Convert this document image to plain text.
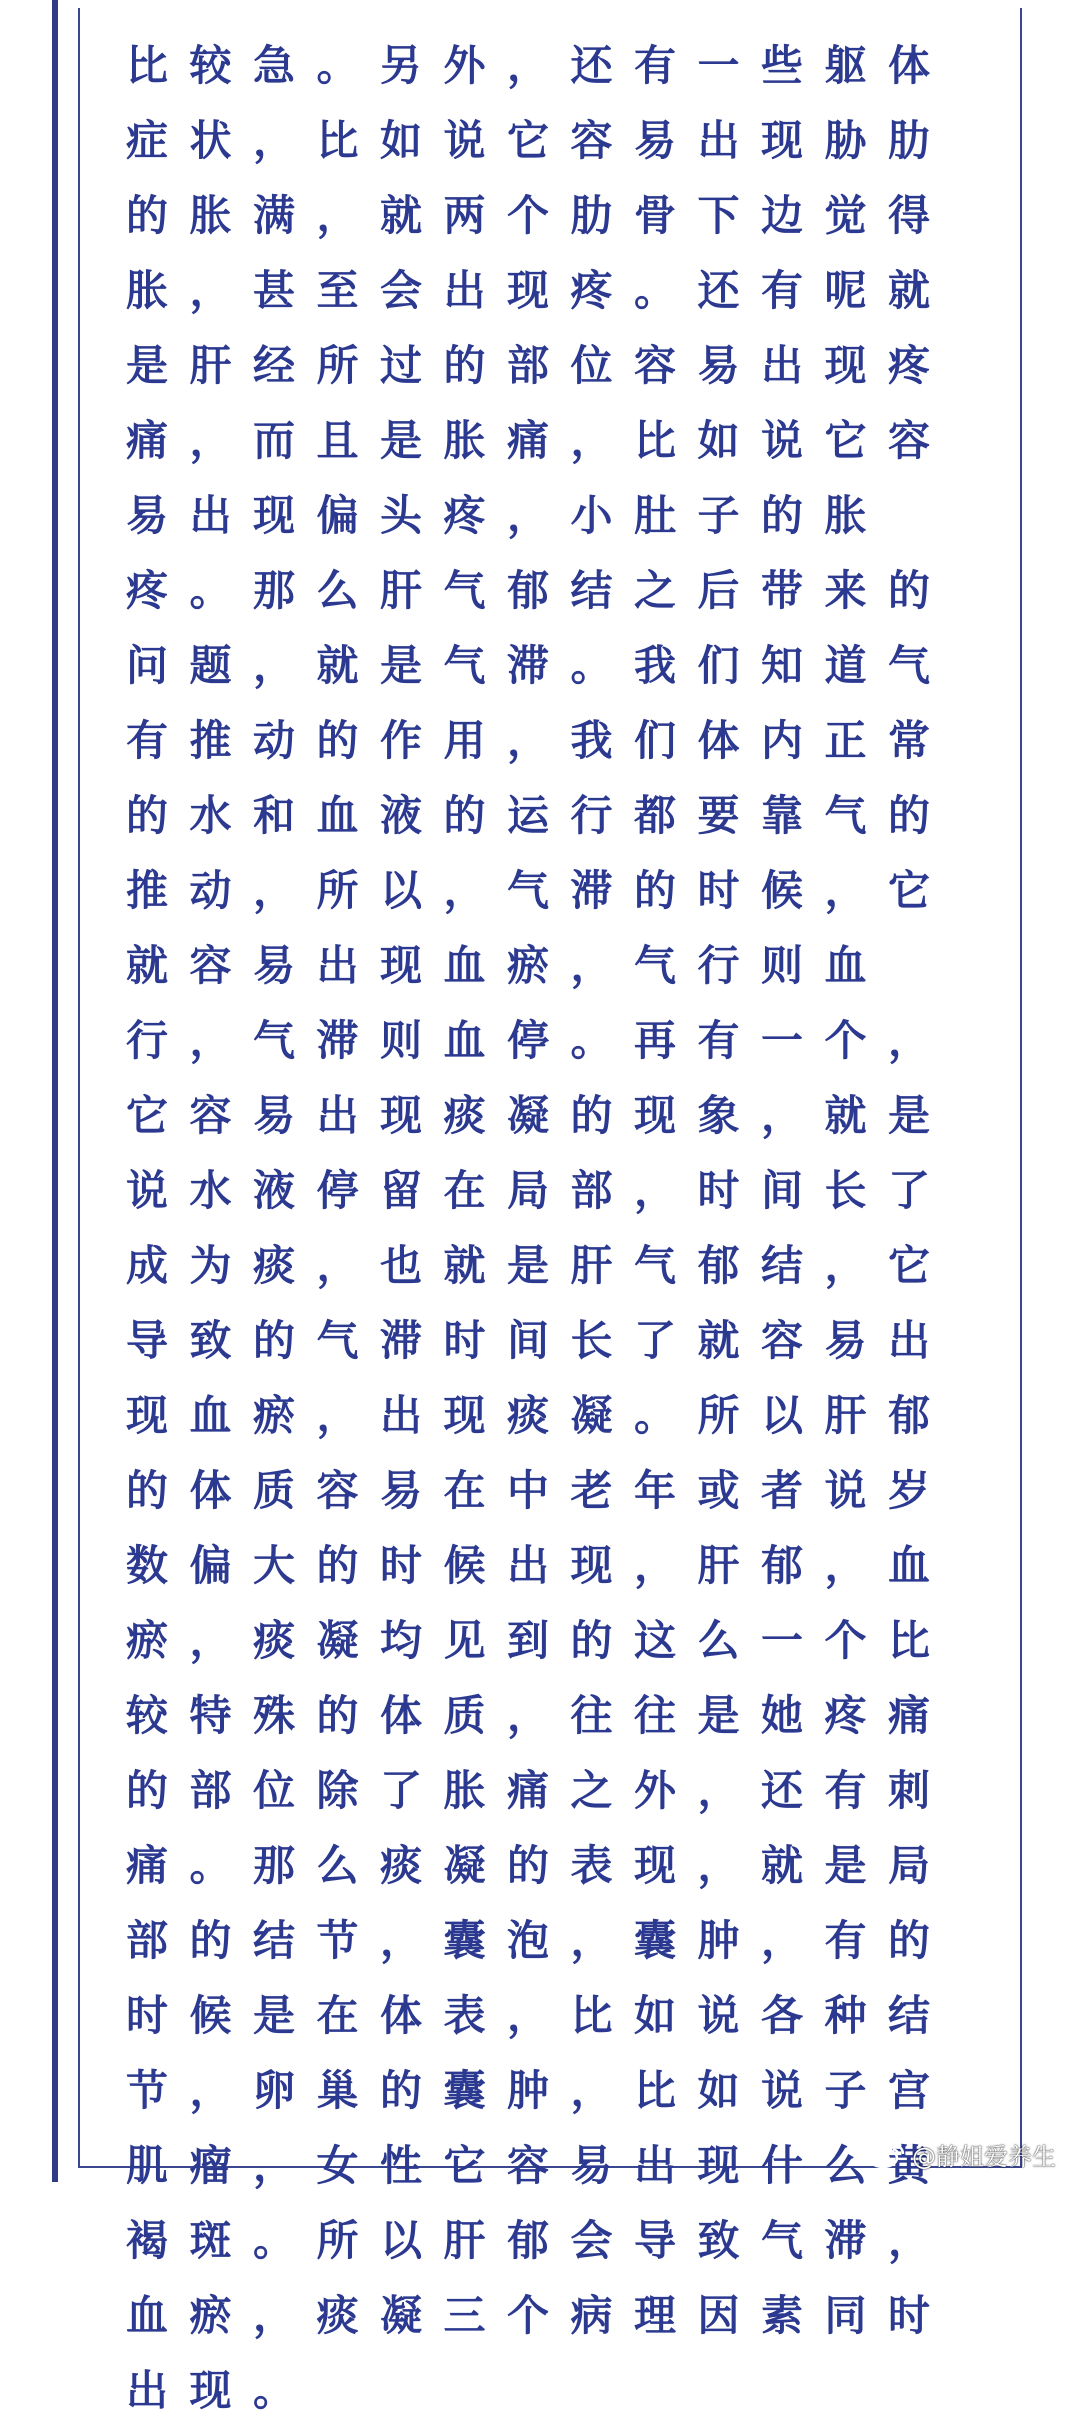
比较急。另外，还有一些躯体症状，比如说它容易出现胁肋的胀满，就两个肋骨下边觉得胀，甚至会出现疼。还有呢就是肝经所过的部位容易出现疼痛，而且是胀痛，比如说它容易出现偏头疼，小肚子的胀疼。那么肝气郁结之后带来的问题，就是气滞。我们知道气有推动的作用，我们体内正常的水和血液的运行都要靠气的推动，所以，气滞的时候，它就容易出现血瘀，气行则血行，气滞则血停。再有一个，它容易出现痰凝的现象，就是说水液停留在局部，时间长了成为痰，也就是肝气郁结，它导致的气滞时间长了就容易出现血瘀，出现痰凝。所以肝郁的体质容易在中老年或者说岁数偏大的时候出现，肝郁，血瘀，痰凝均见到的这么一个比较特殊的体质，往往是她疼痛的部位除了胀痛之外，还有刺痛。那么痰凝的表现，就是局部的结节，囊泡，囊肿，有的时候是在体表，比如说各种结节，卵巢的囊肿，比如说子宫肌瘤，女性它容易出现什么黄褐斑。所以肝郁会导致气滞，血瘀，痰凝三个病理因素同时出现。

@静姐爱养生
